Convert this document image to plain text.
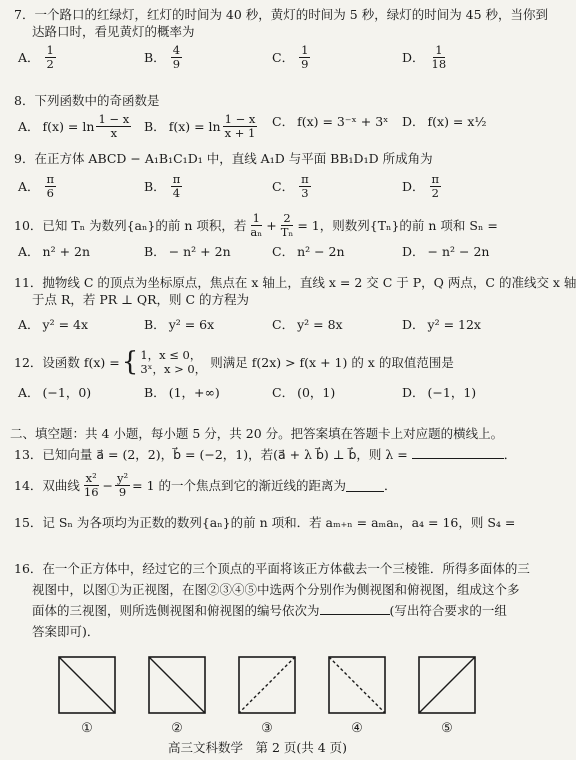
7．一个路口的红绿灯，红灯的时间为 40 秒，黄灯的时间为 5 秒，绿灯的时间为 45 秒，当你到
达路口时，看见黄灯的概率为
A． $\frac{1}{2}$	B． $\frac{4}{9}$	C． $\frac{1}{9}$	D． $\frac{1}{18}$
8．下列函数中的奇函数是
A． $f(x) = \ln \frac{1 - x}{x}$ B． $f(x) = \ln \frac{1 - x}{x + 1}$ C． f(x) = 3⁻ˣ + 3ˣ D． f(x) = x½
9．在正方体 ABCD − A₁B₁C₁D₁ 中，直线 A₁D 与平面 BB₁D₁D 所成角为
A． $\frac{\pi}{6}$	B． $\frac{\pi}{4}$	C． $\frac{\pi}{3}$	D． $\frac{\pi}{2}$
10．已知 Tₙ 为数列{aₙ}的前 n 项积，若 $\frac{1}{\text{aₙ}} + \frac{2}{\text{Tₙ}} = 1$，则数列{Tₙ}的前 n 项和 Sₙ =
A． n² + 2n	B． − n² + 2n	C． n² − 2n	D． − n² − 2n
11．抛物线 C 的顶点为坐标原点，焦点在 x 轴上，直线 x = 2 交 C 于 P，Q 两点，C 的准线交 x 轴
于点 R，若 PR ⊥ QR，则 C 的方程为
A． y² = 4x	B． y² = 6x	C． y² = 8x	D． y² = 12x
12．设函数 f(x) = { 1，x ≤ 0，
3ˣ，x > 0， 则满足 f(2x) > f(x + 1) 的 x 的取值范围是
A． (−1，0)	B． (1，+∞)	C． (0，1)	D． (−1，1)
二、填空题：共 4 小题，每小题 5 分，共 20 分。把答案填在答题卡上对应题的横线上。
13．已知向量 a⃗ = (2，2)，b⃗ = (−2，1)，若(a⃗ + λ b⃗) ⊥ b⃗，则 λ =	．
14．双曲线 $\frac{\text{x²}}{16} - \frac{\text{y²}}{9} = 1$ 的一个焦点到它的渐近线的距离为	．
15．记 Sₙ 为各项均为正数的数列{aₙ}的前 n 项和．若 aₘ₊ₙ = aₘaₙ，a₄ = 16，则 S₄ =
16．在一个正方体中，经过它的三个顶点的平面将该正方体截去一个三棱锥．所得多面体的三
视图中，以图①为正视图，在图②③④⑤中选两个分别作为侧视图和俯视图，组成这个多
面体的三视图，则所选侧视图和俯视图的编号依次为	(写出符合要求的一组
答案即可)．
①	②	③	④	⑤
高三文科数学　第 2 页(共 4 页)
